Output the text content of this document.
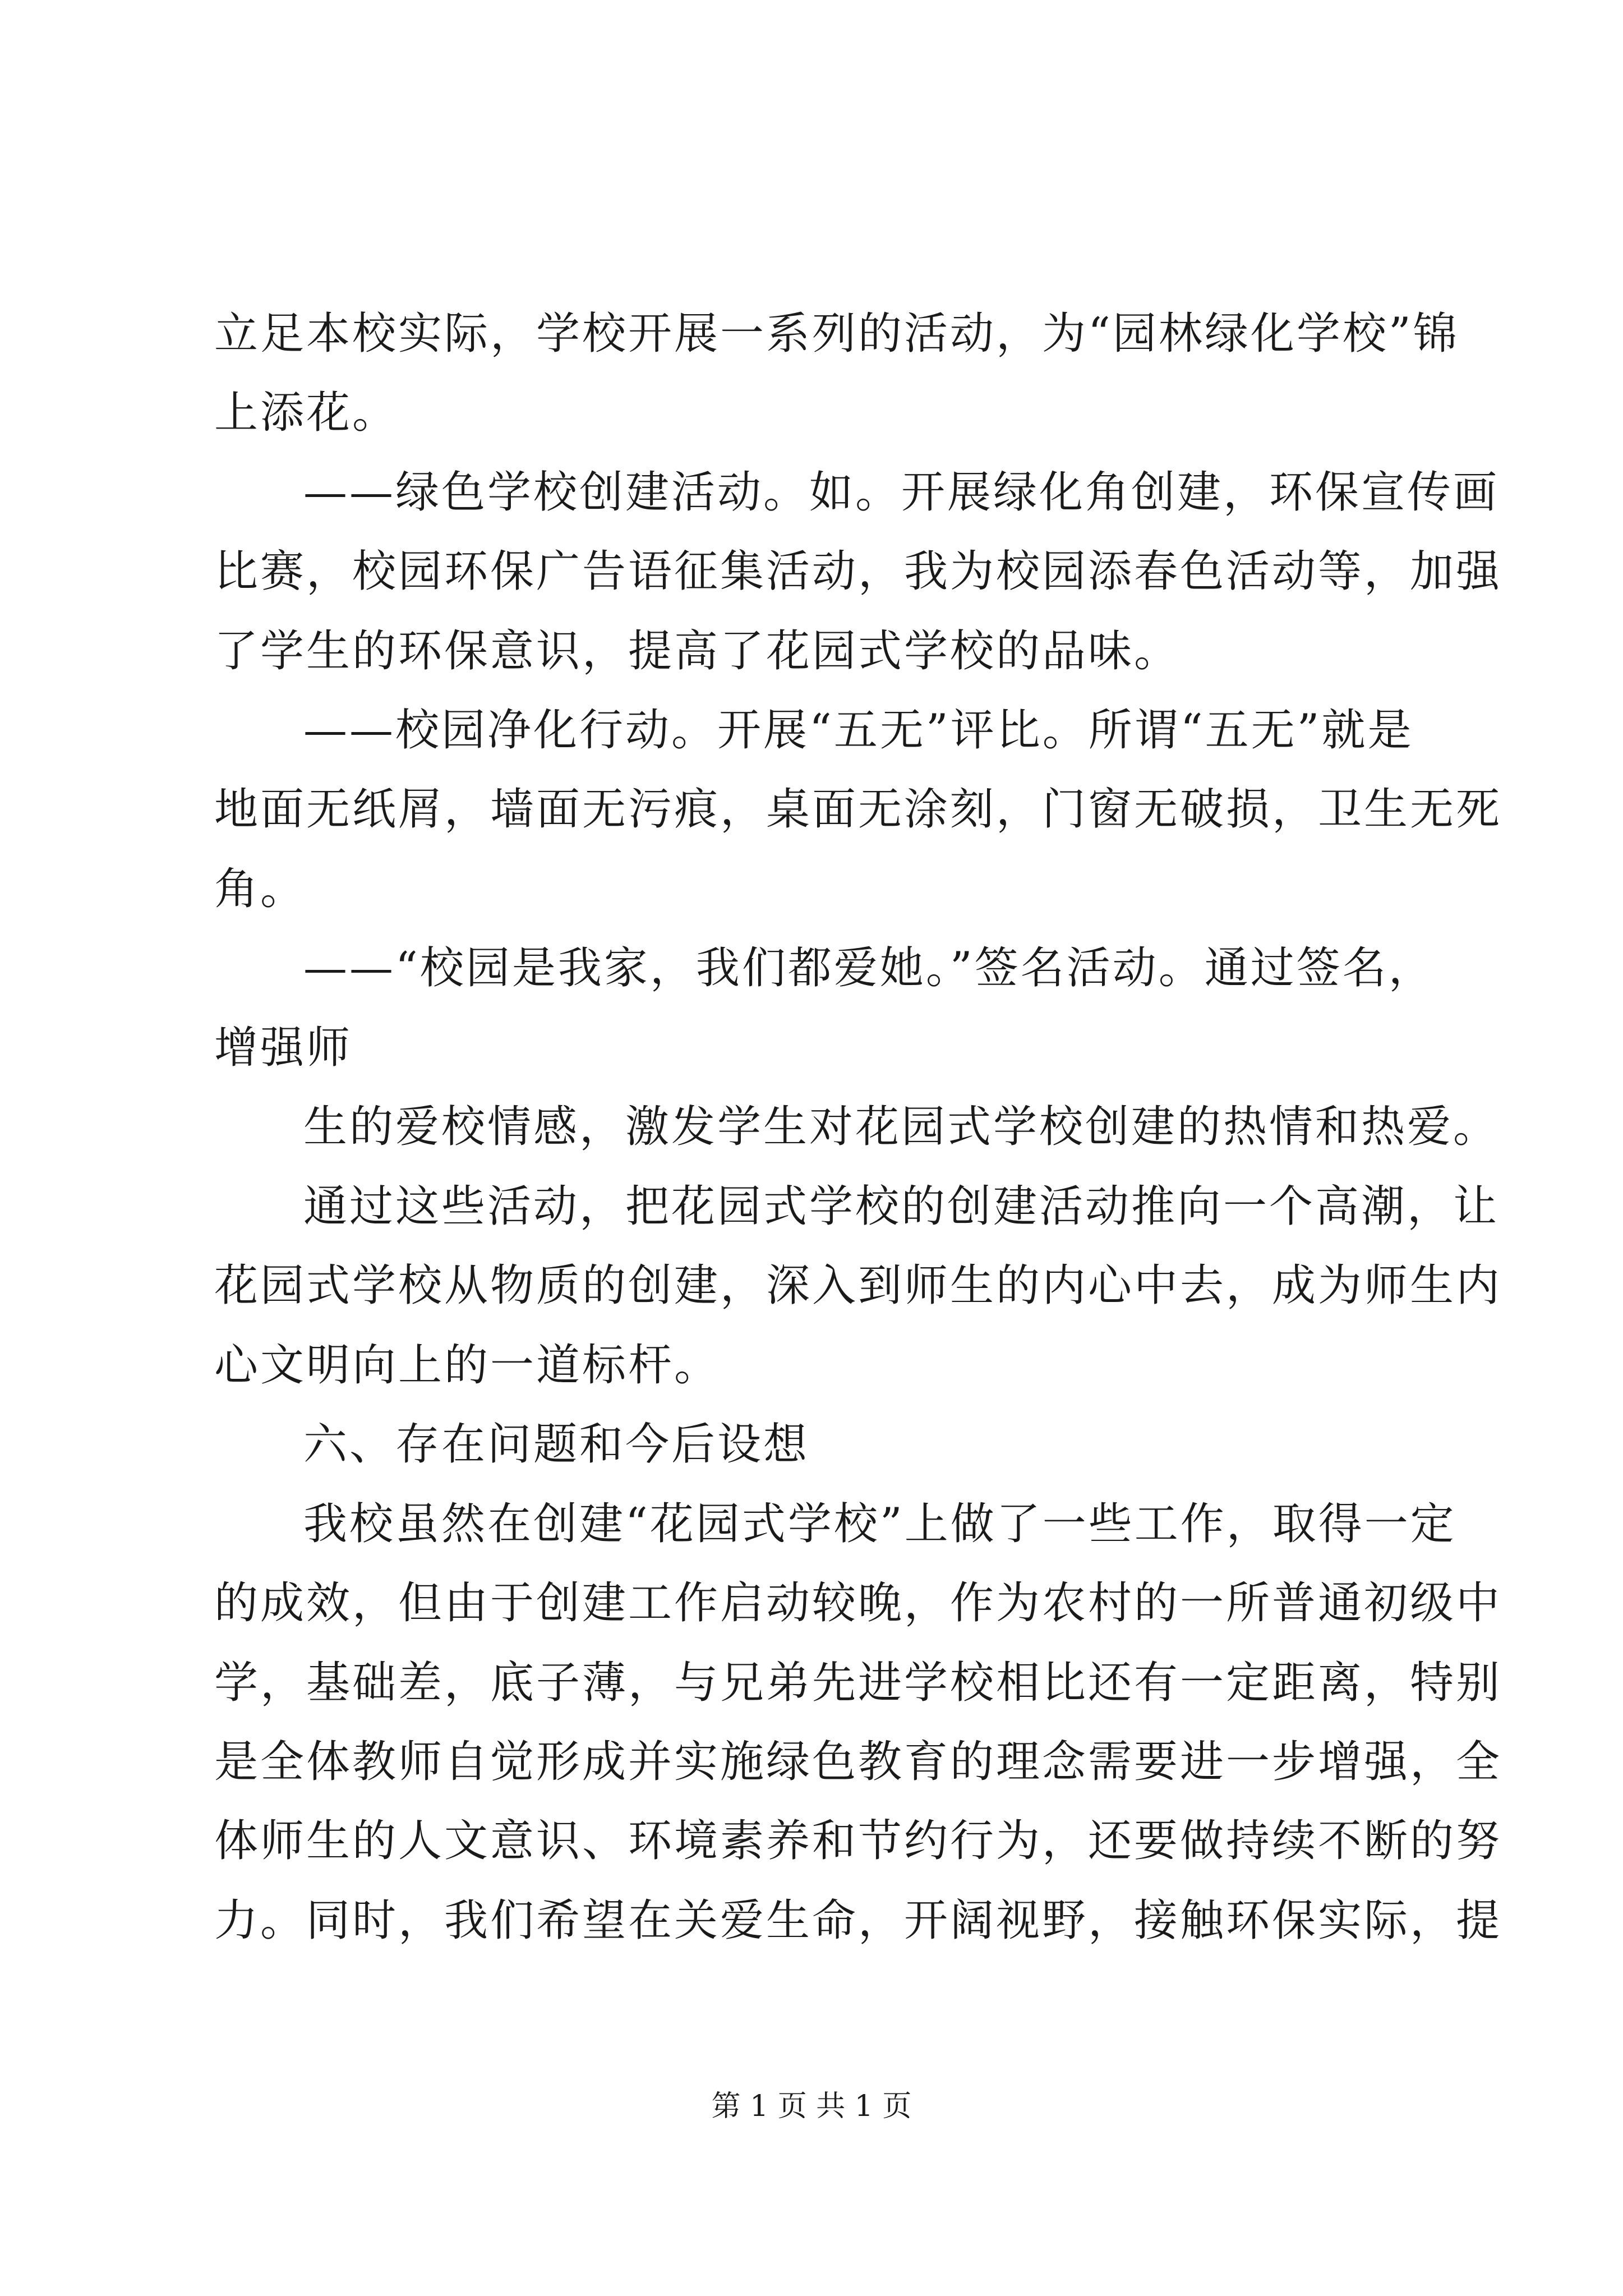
立足本校实际，学校开展一系列的活动，为“园林绿化学校”锦
上添花。
——绿色学校创建活动。如。开展绿化角创建，环保宣传画
比赛，校园环保广告语征集活动，我为校园添春色活动等，加强
了学生的环保意识，提高了花园式学校的品味。
——校园净化行动。开展“五无”评比。所谓“五无”就是
地面无纸屑，墙面无污痕，桌面无涂刻，门窗无破损，卫生无死
角。
——“校园是我家，我们都爱她。”签名活动。通过签名，
增强师
生的爱校情感，激发学生对花园式学校创建的热情和热爱。
通过这些活动，把花园式学校的创建活动推向一个高潮，让
花园式学校从物质的创建，深入到师生的内心中去，成为师生内
心文明向上的一道标杆。
六、存在问题和今后设想
我校虽然在创建“花园式学校”上做了一些工作，取得一定
的成效，但由于创建工作启动较晚，作为农村的一所普通初级中
学，基础差，底子薄，与兄弟先进学校相比还有一定距离，特别
是全体教师自觉形成并实施绿色教育的理念需要进一步增强，全
体师生的人文意识、环境素养和节约行为，还要做持续不断的努
力。同时，我们希望在关爱生命，开阔视野，接触环保实际，提
第 1 页 共 1 页
